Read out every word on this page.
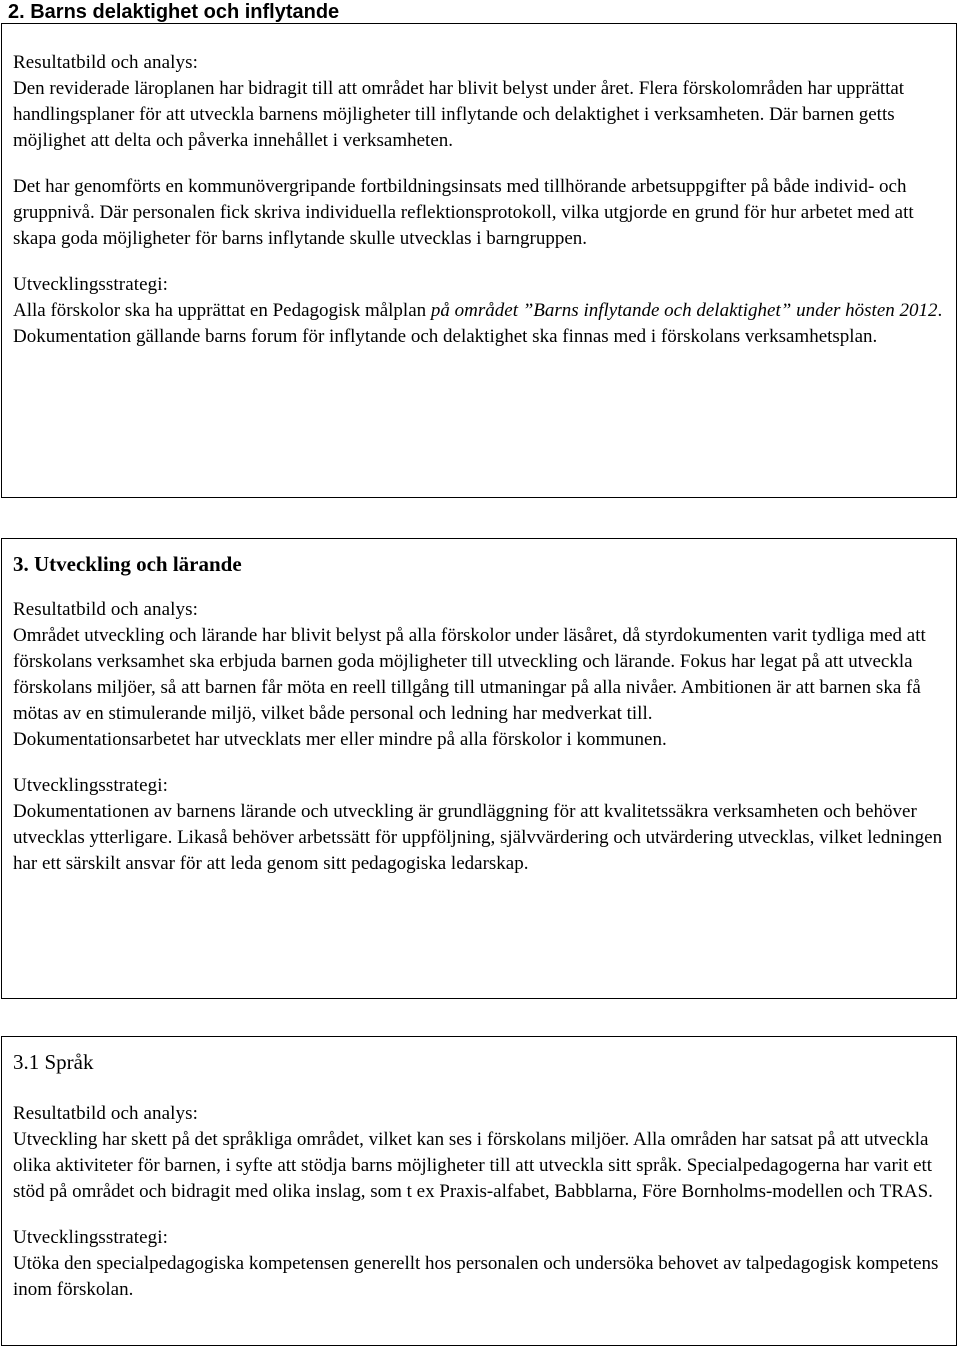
2. Barns delaktighet och inflytande
Resultatbild och analys:

Den reviderade läroplanen har bidragit till att området har blivit belyst under året. Flera förskolområden har upprättat handlingsplaner för att utveckla barnens möjligheter till inflytande och delaktighet i verksamheten. Där barnen getts möjlighet att delta och påverka innehållet i verksamheten.

Det har genomförts en kommunövergripande fortbildningsinsats med tillhörande arbetsuppgifter på både individ- och gruppnivå. Där personalen fick skriva individuella reflektionsprotokoll, vilka utgjorde en grund för hur arbetet med att skapa goda möjligheter för barns inflytande skulle utvecklas i barngruppen.

Utvecklingsstrategi:

Alla förskolor ska ha upprättat en Pedagogisk målplan på området ”Barns inflytande och delaktighet” under hösten 2012. Dokumentation gällande barns forum för inflytande och delaktighet ska finnas med i förskolans verksamhetsplan.

3. Utveckling och lärande
Resultatbild och analys:

Området utveckling och lärande har blivit belyst på alla förskolor under läsåret, då styrdokumenten varit tydliga med att förskolans verksamhet ska erbjuda barnen goda möjligheter till utveckling och lärande. Fokus har legat på att utveckla förskolans miljöer, så att barnen får möta en reell tillgång till utmaningar på alla nivåer. Ambitionen är att barnen ska få mötas av en stimulerande miljö, vilket både personal och ledning har medverkat till.

Dokumentationsarbetet har utvecklats mer eller mindre på alla förskolor i kommunen.

Utvecklingsstrategi:

Dokumentationen av barnens lärande och utveckling är grundläggning för att kvalitetssäkra verksamheten och behöver utvecklas ytterligare. Likaså behöver arbetssätt för uppföljning, självvärdering och utvärdering utvecklas, vilket ledningen har ett särskilt ansvar för att leda genom sitt pedagogiska ledarskap.

3.1 Språk
Resultatbild och analys:

Utveckling har skett på det språkliga området, vilket kan ses i förskolans miljöer. Alla områden har satsat på att utveckla olika aktiviteter för barnen, i syfte att stödja barns möjligheter till att utveckla sitt språk. Specialpedagogerna har varit ett stöd på området och bidragit med olika inslag, som t ex Praxis-alfabet, Babblarna, Före Bornholms-modellen och TRAS.

Utvecklingsstrategi:

Utöka den specialpedagogiska kompetensen generellt hos personalen och undersöka behovet av talpedagogisk kompetens inom förskolan.
